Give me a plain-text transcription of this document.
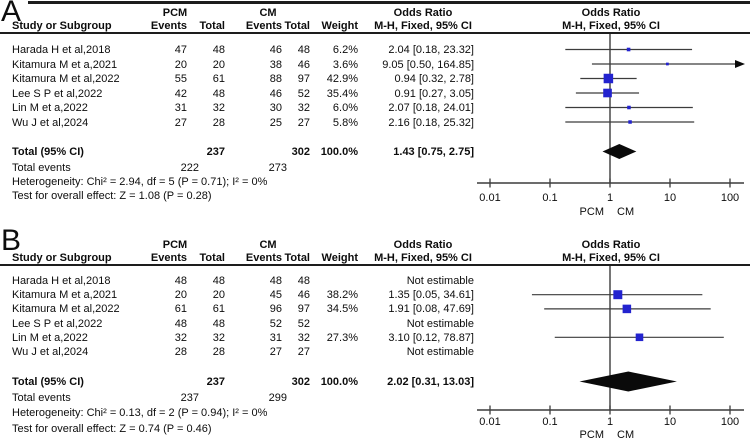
A	PCM	CM	Odds Ratio	Odds Ratio
Study or Subgroup	Events Total Events Total Weight M-H, Fixed, 95% CI	M-H, Fixed, 95% CI
Harada H et al,2018	47 48	46 48 6.2%	2.04 [0.18, 23.32]
Kitamura M et a,2021	20 20	38 46 3.6% 9.05 [0.50, 164.85]
Kitamura M et al,2022	55 61	88 97 42.9%	0.94 [0.32, 2.78]
Lee S P et al,2022	42 48	46 52 35.4%	0.91 [0.27, 3.05]
Lin M et a,2022	31 32	30 32 6.0%	2.07 [0.18, 24.01]
Wu J et al,2024	27 28	25 27 5.8%	2.16 [0.18, 25.32]
Total (95% CI)	237	302 100.0%	1.43 [0.75, 2.75]
Total events	222	273
Heterogeneity: Chi² = 2.94, df = 5 (P = 0.71); I² = 0%
Test for overall effect: Z = 1.08 (P = 0.28)	0.01	0.1	1	10	100
PCM CM
B	PCM	CM	Odds Ratio	Odds Ratio
Study or Subgroup	Events Total Events Total Weight M-H, Fixed, 95% CI	M-H, Fixed, 95% CI
Harada H et al,2018	48 48	48 48	Not estimable
Kitamura M et a,2021	20 20	45 46 38.2%	1.35 [0.05, 34.61]
Kitamura M et al,2022	61 61	96 97 34.5%	1.91 [0.08, 47.69]
Lee S P et al,2022	48 48	52 52	Not estimable
Lin M et a,2022	32 32	31 32 27.3%	3.10 [0.12, 78.87]
Wu J et al,2024	28 28	27 27	Not estimable
Total (95% CI)	237	302 100.0%	2.02 [0.31, 13.03]
Total events	237	299
Heterogeneity: Chi² = 0.13, df = 2 (P = 0.94); I² = 0%
Test for overall effect: Z = 0.74 (P = 0.46)
0.01	0.1	1	10	100
PCM CM
